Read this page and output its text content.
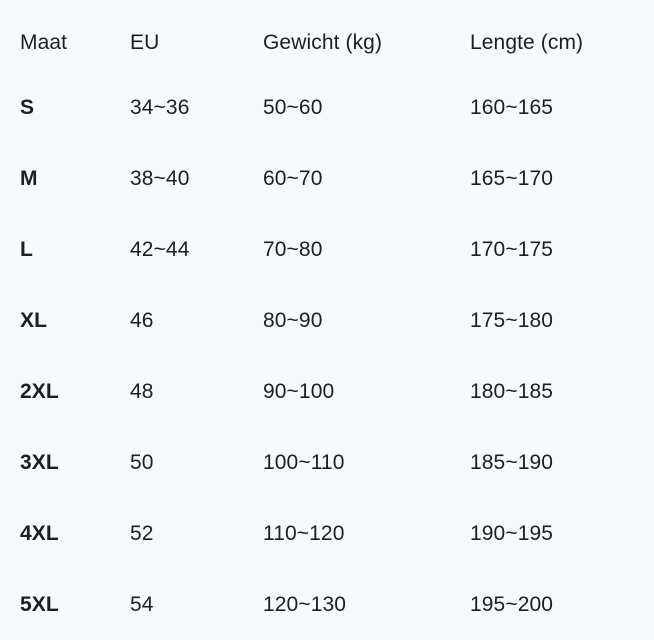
Maat	EU	Gewicht (kg)	Lengte (cm)
S	34~36	50~60	160~165
M	38~40	60~70	165~170
L	42~44	70~80	170~175
XL	46	80~90	175~180
2XL	48	90~100	180~185
3XL	50	100~110	185~190
4XL	52	110~120	190~195
5XL	54	120~130	195~200
